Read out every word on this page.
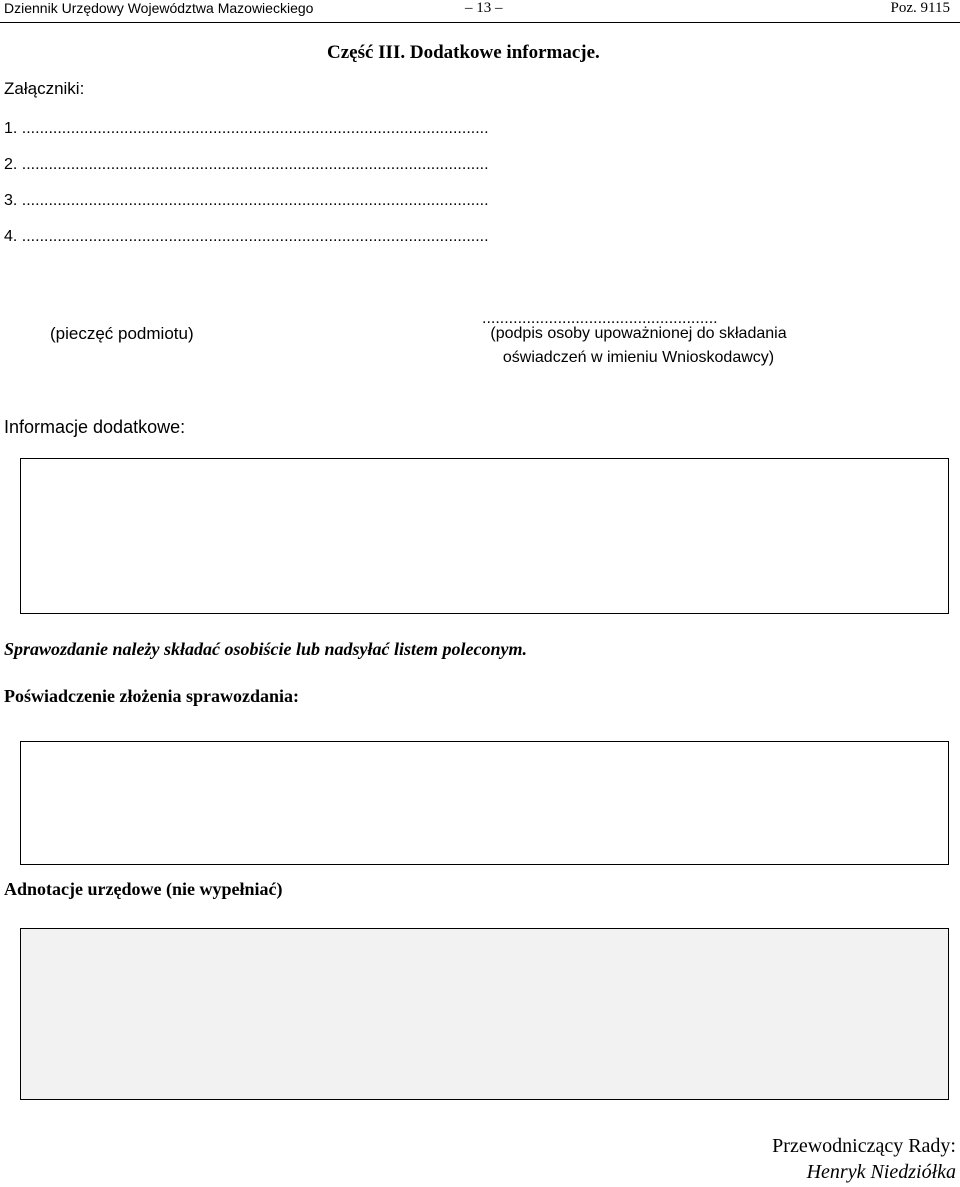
Dziennik Urzędowy Województwa Mazowieckiego	– 13 –	Poz. 9115
Część III. Dodatkowe informacje.
Załączniki:
1. .........................................................................................................
2. .........................................................................................................
3. .........................................................................................................
4. .........................................................................................................
.....................................................
(pieczęć podmiotu)	(podpis osoby upoważnionej do składania
oświadczeń w imieniu Wnioskodawcy)
Informacje dodatkowe:
Sprawozdanie należy składać osobiście lub nadsyłać listem poleconym.
Poświadczenie złożenia sprawozdania:
Adnotacje urzędowe (nie wypełniać)
Przewodniczący Rady:
Henryk Niedziółka
